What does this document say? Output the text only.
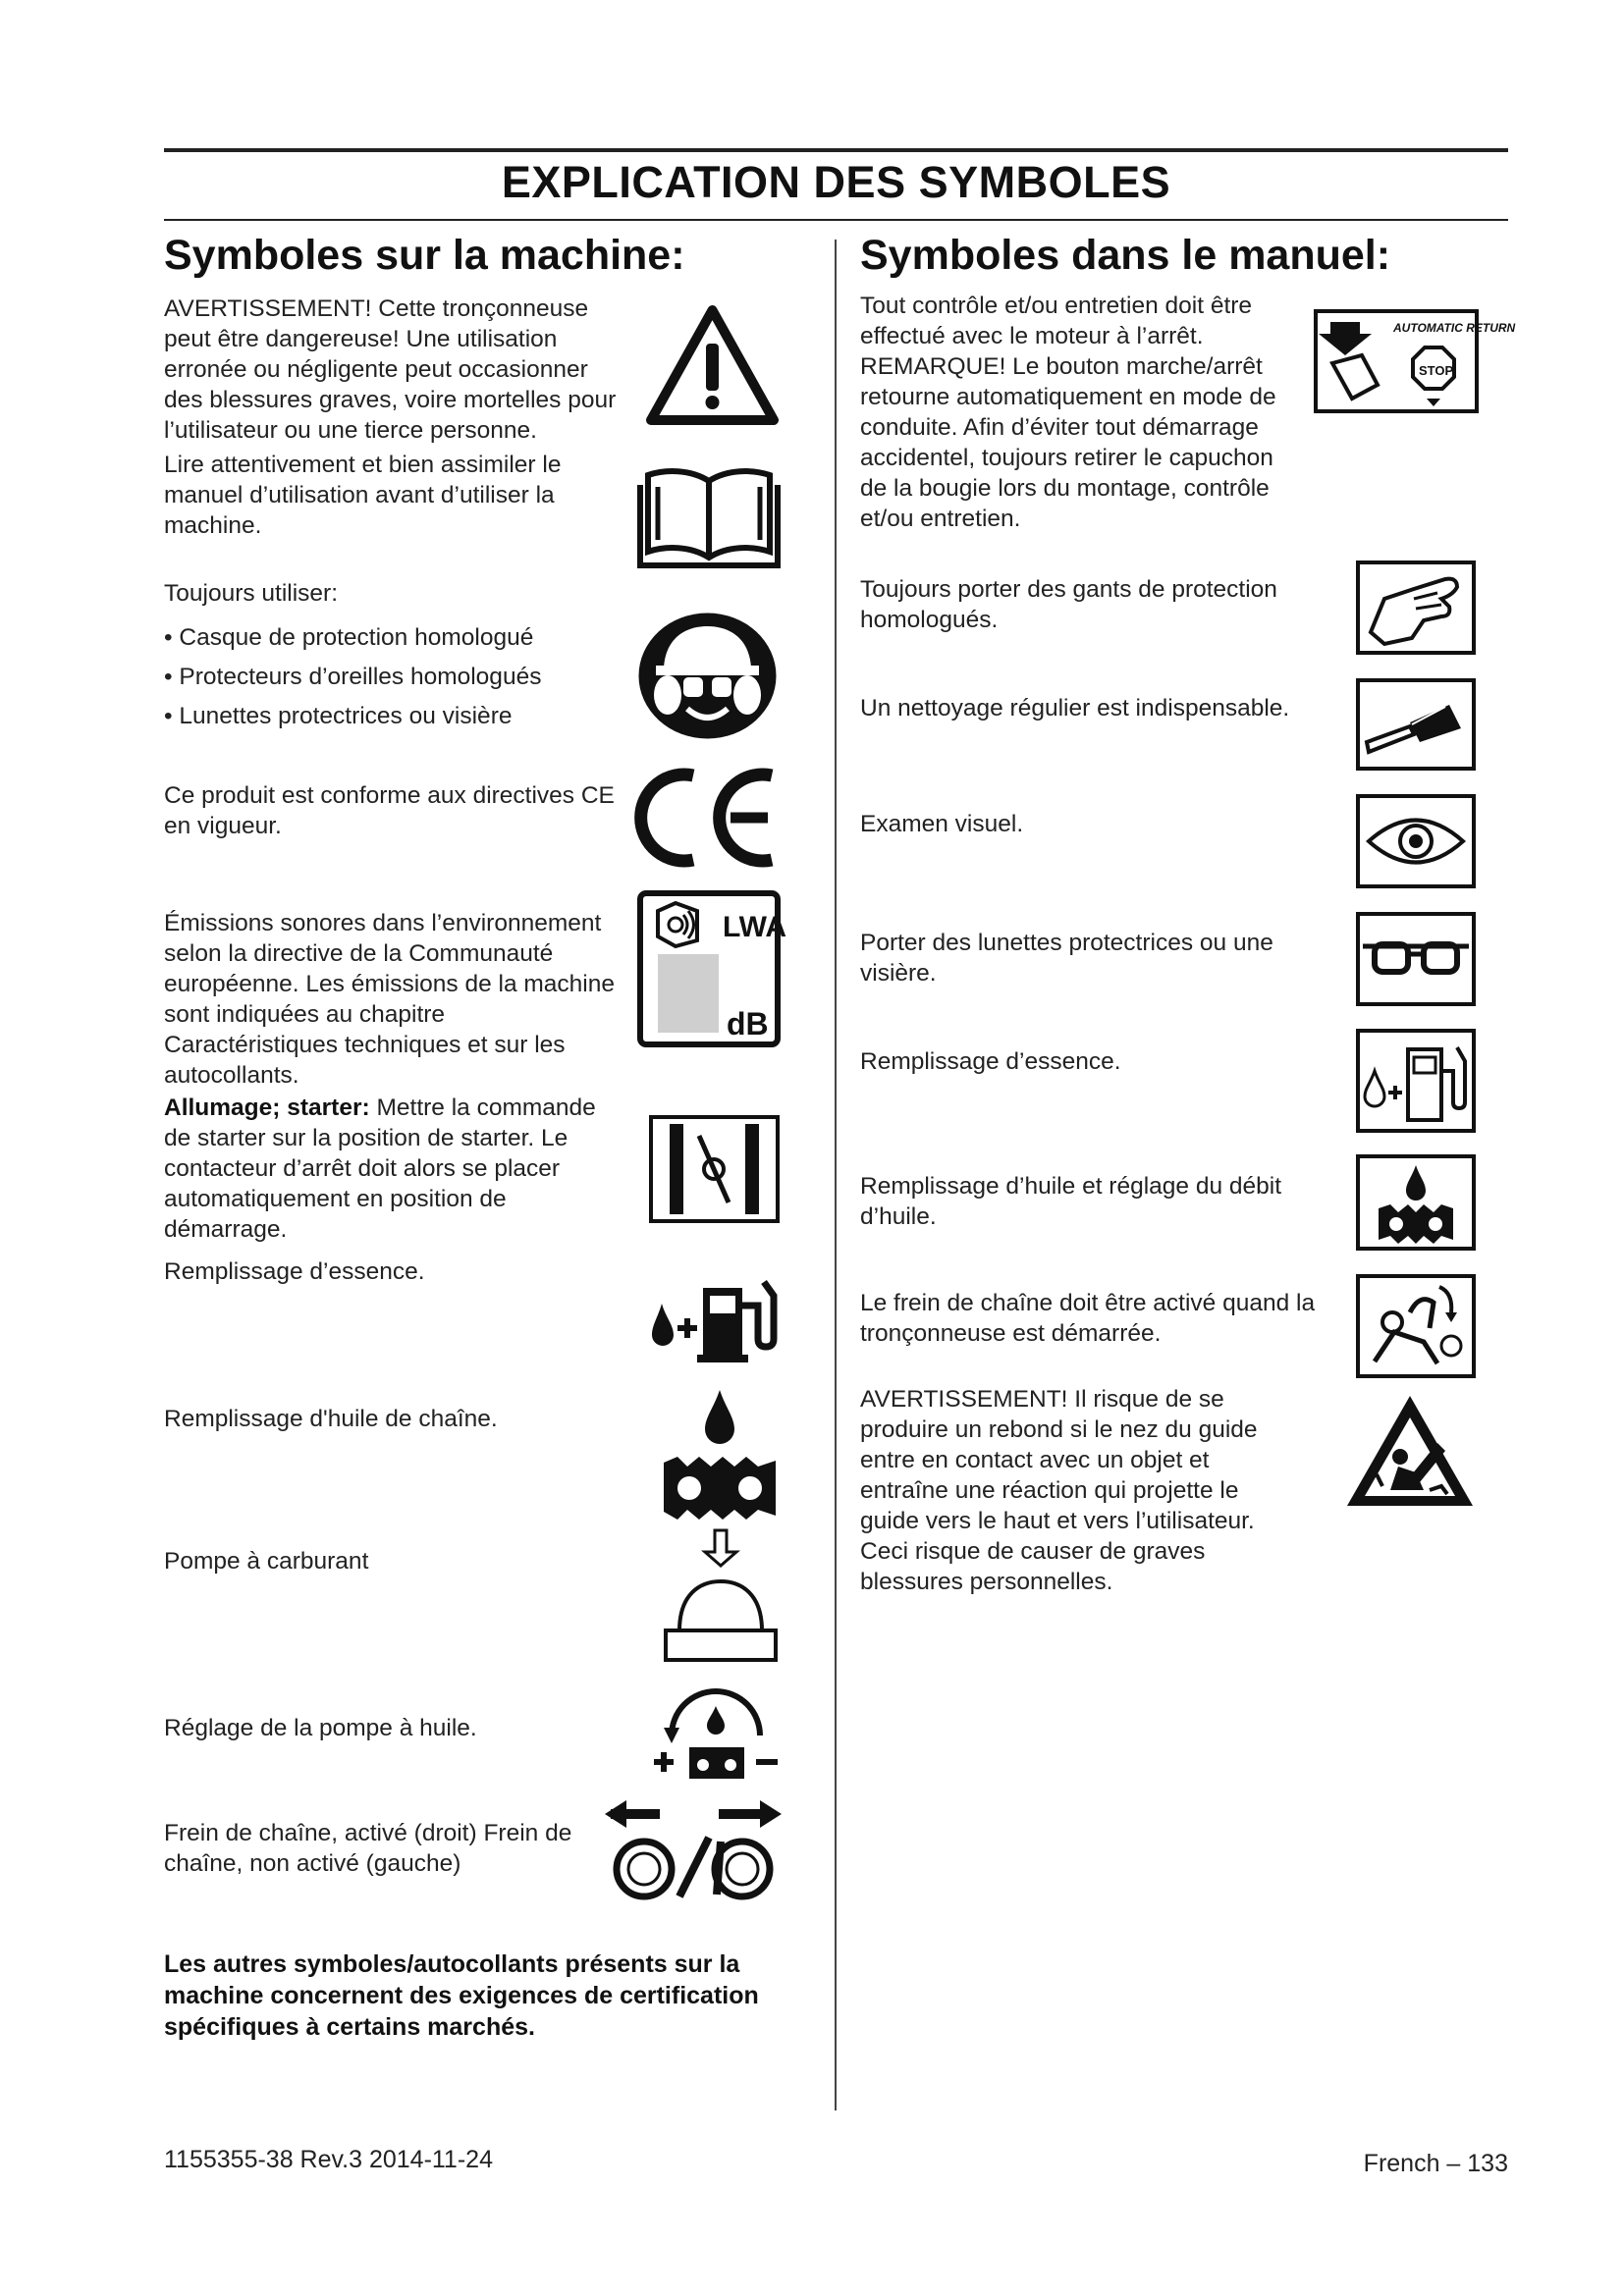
EXPLICATION DES SYMBOLES
Symboles sur la machine:	Symboles dans le manuel:
AVERTISSEMENT! Cette tronçonneuse peut être dangereuse! Une utilisation erronée ou négligente peut occasionner des blessures graves, voire mortelles pour l’utilisateur ou une tierce personne.
Lire attentivement et bien assimiler le manuel d’utilisation avant d’utiliser la machine.
Toujours utiliser:
• Casque de protection homologué
• Protecteurs d’oreilles homologués
• Lunettes protectrices ou visière
Ce produit est conforme aux directives CE en vigueur.
Émissions sonores dans l’environnement selon la directive de la Communauté européenne. Les émissions de la machine sont indiquées au chapitre Caractéristiques techniques et sur les autocollants.
Allumage; starter: Mettre la commande de starter sur la position de starter. Le contacteur d’arrêt doit alors se placer automatiquement en position de démarrage.
Remplissage d’essence.
Remplissage d'huile de chaîne.
Pompe à carburant
Réglage de la pompe à huile.
Frein de chaîne, activé (droit) Frein de chaîne, non activé (gauche)
Les autres symboles/autocollants présents sur la machine concernent des exigences de certification spécifiques à certains marchés.
LWA
dB
Tout contrôle et/ou entretien doit être effectué avec le moteur à l’arrêt. REMARQUE! Le bouton marche/arrêt retourne automatiquement en mode de conduite. Afin d’éviter tout démarrage accidentel, toujours retirer le capuchon de la bougie lors du montage, contrôle et/ou entretien.
Toujours porter des gants de protection homologués.
Un nettoyage régulier est indispensable.
Examen visuel.
Porter des lunettes protectrices ou une visière.
Remplissage d’essence.
Remplissage d’huile et réglage du débit d’huile.
Le frein de chaîne doit être activé quand la tronçonneuse est démarrée.
AVERTISSEMENT! Il risque de se produire un rebond si le nez du guide entre en contact avec un objet et entraîne une réaction qui projette le guide vers le haut et vers l’utilisateur. Ceci risque de causer de graves blessures personnelles.
AUTOMATIC RETURN
STOP
1155355-38 Rev.3 2014-11-24	French – 133
